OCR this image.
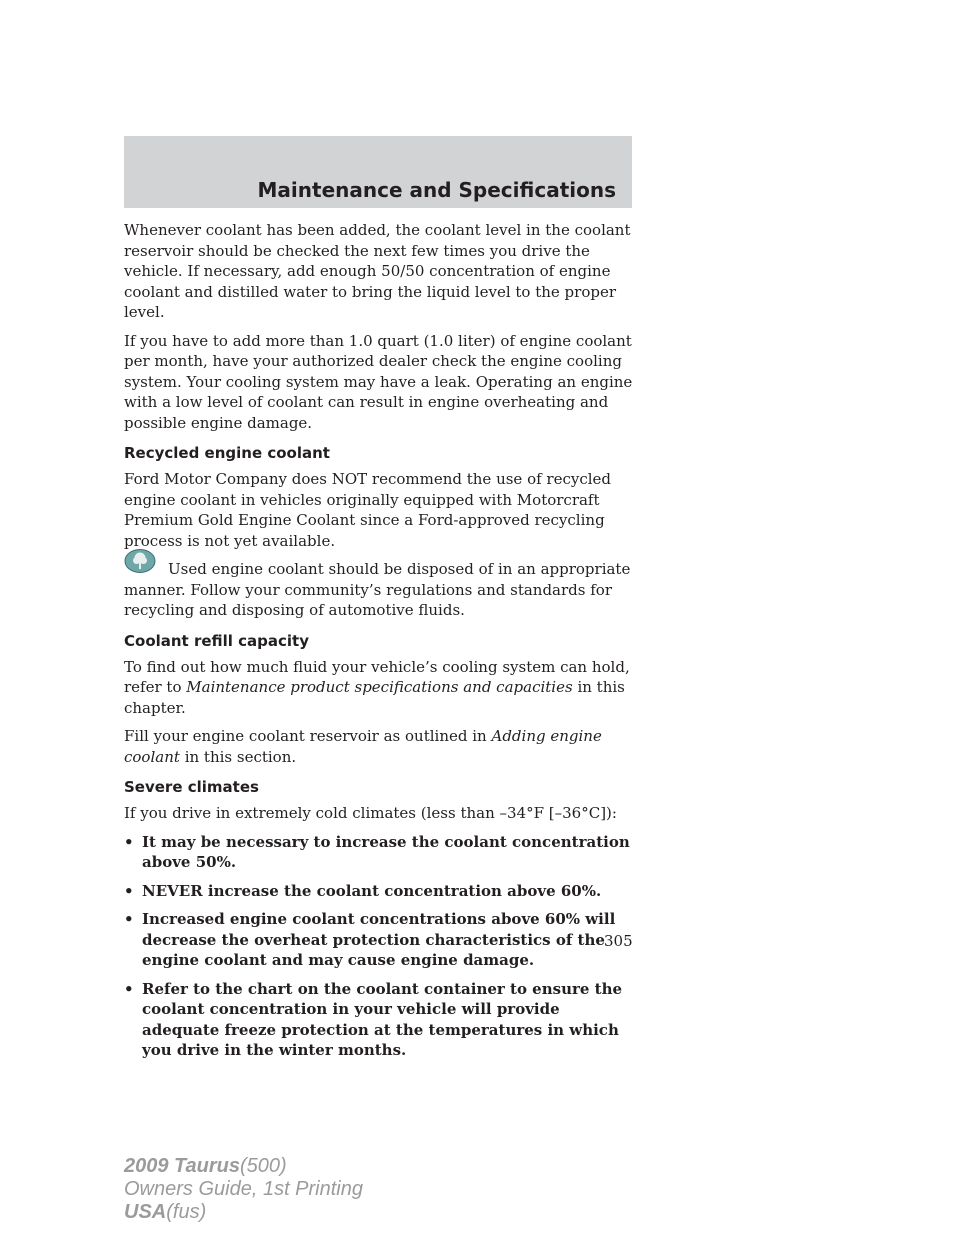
Maintenance and Specifications

Whenever coolant has been added, the coolant level in the coolant reservoir should be checked the next few times you drive the vehicle. If necessary, add enough 50/50 concentration of engine coolant and distilled water to bring the liquid level to the proper level.

If you have to add more than 1.0 quart (1.0 liter) of engine coolant per month, have your authorized dealer check the engine cooling system. Your cooling system may have a leak. Operating an engine with a low level of coolant can result in engine overheating and possible engine damage.

Recycled engine coolant

Ford Motor Company does NOT recommend the use of recycled engine coolant in vehicles originally equipped with Motorcraft Premium Gold Engine Coolant since a Ford-approved recycling process is not yet available.

Used engine coolant should be disposed of in an appropriate manner. Follow your community’s regulations and standards for recycling and disposing of automotive fluids.

Coolant refill capacity

To find out how much fluid your vehicle’s cooling system can hold, refer to Maintenance product specifications and capacities in this chapter.

Fill your engine coolant reservoir as outlined in Adding engine coolant in this section.

Severe climates

If you drive in extremely cold climates (less than –34°F [–36°C]):

• It may be necessary to increase the coolant concentration above 50%.
• NEVER increase the coolant concentration above 60%.
• Increased engine coolant concentrations above 60% will decrease the overheat protection characteristics of the engine coolant and may cause engine damage.
• Refer to the chart on the coolant container to ensure the coolant concentration in your vehicle will provide adequate freeze protection at the temperatures in which you drive in the winter months.
305
2009 Taurus(500)
Owners Guide, 1st Printing
USA(fus)
